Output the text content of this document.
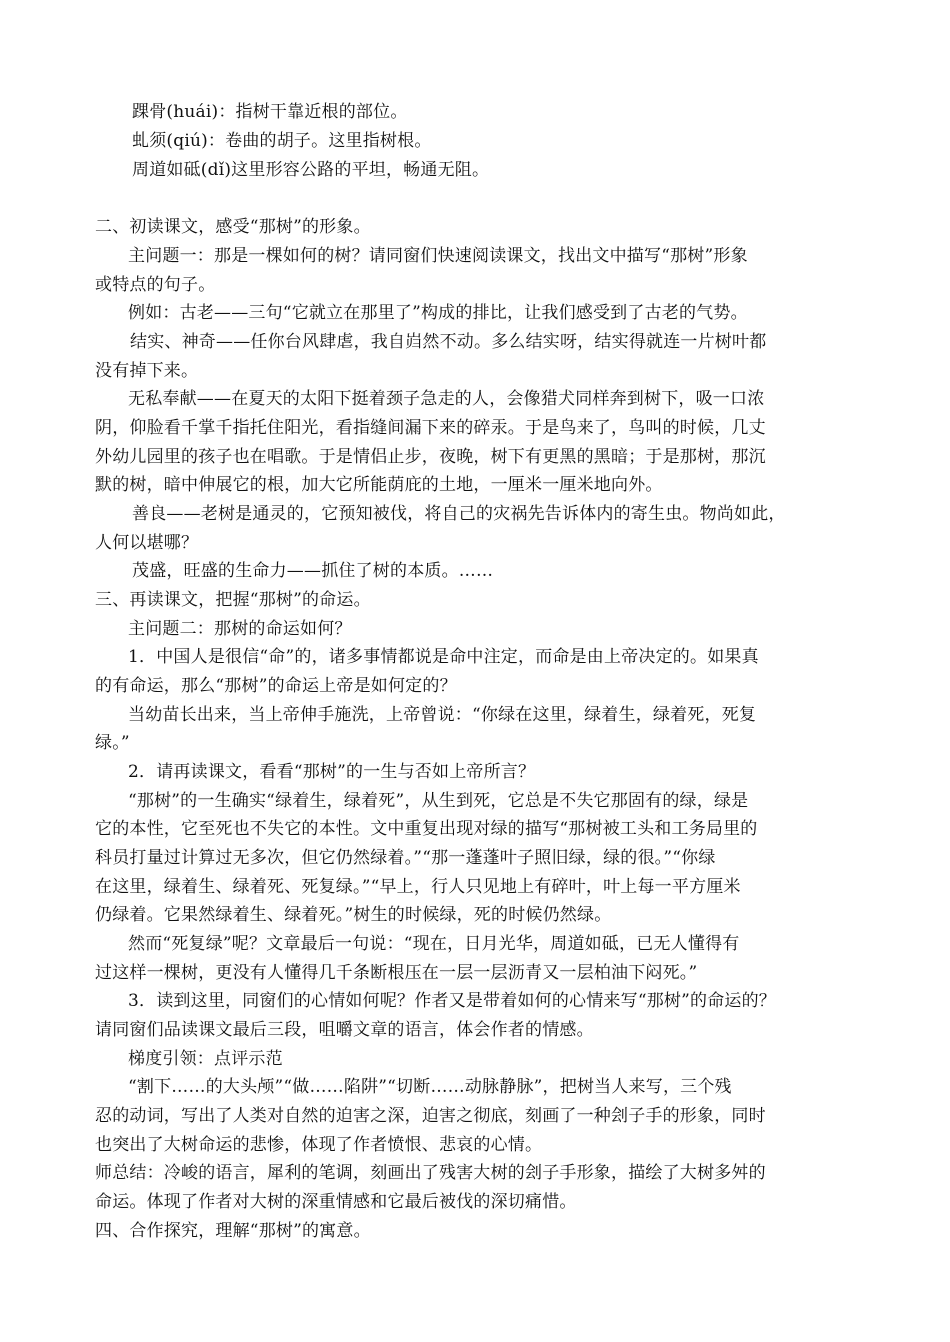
踝骨(huái)：指树干靠近根的部位。
虬须(qiú)：卷曲的胡子。这里指树根。
周道如砥(dǐ)这里形容公路的平坦，畅通无阻。
二、初读课文，感受“那树”的形象。
主问题一：那是一棵如何的树？请同窗们快速阅读课文，找出文中描写“那树”形象
或特点的句子。
例如：古老——三句“它就立在那里了”构成的排比，让我们感受到了古老的气势。
结实、神奇——任你台风肆虐，我自岿然不动。多么结实呀，结实得就连一片树叶都
没有掉下来。
无私奉献——在夏天的太阳下挺着颈子急走的人，会像猎犬同样奔到树下，吸一口浓
阴，仰脸看千掌千指托住阳光，看指缝间漏下来的碎汞。于是鸟来了，鸟叫的时候，几丈
外幼儿园里的孩子也在唱歌。于是情侣止步，夜晚，树下有更黑的黑暗；于是那树，那沉
默的树，暗中伸展它的根，加大它所能荫庇的土地，一厘米一厘米地向外。
善良——老树是通灵的，它预知被伐，将自己的灾祸先告诉体内的寄生虫。物尚如此，
人何以堪哪？
茂盛，旺盛的生命力——抓住了树的本质。……
三、再读课文，把握“那树”的命运。
主问题二：那树的命运如何？
1．中国人是很信“命”的，诸多事情都说是命中注定，而命是由上帝决定的。如果真
的有命运，那么“那树”的命运上帝是如何定的？
当幼苗长出来，当上帝伸手施洗，上帝曾说：“你绿在这里，绿着生，绿着死，死复
绿。”
2．请再读课文，看看“那树”的一生与否如上帝所言？
“那树”的一生确实“绿着生，绿着死”，从生到死，它总是不失它那固有的绿，绿是
它的本性，它至死也不失它的本性。文中重复出现对绿的描写“那树被工头和工务局里的
科员打量过计算过无多次，但它仍然绿着。”“那一蓬蓬叶子照旧绿，绿的很。”“你绿
在这里，绿着生、绿着死、死复绿。”“早上，行人只见地上有碎叶，叶上每一平方厘米
仍绿着。它果然绿着生、绿着死。”树生的时候绿，死的时候仍然绿。
然而“死复绿”呢？文章最后一句说：“现在，日月光华，周道如砥，已无人懂得有
过这样一棵树，更没有人懂得几千条断根压在一层一层沥青又一层柏油下闷死。”
3．读到这里，同窗们的心情如何呢？作者又是带着如何的心情来写“那树”的命运的？
请同窗们品读课文最后三段，咀嚼文章的语言，体会作者的情感。
梯度引领：点评示范
“割下……的大头颅”“做……陷阱”“切断……动脉静脉”，把树当人来写，三个残
忍的动词，写出了人类对自然的迫害之深，迫害之彻底，刻画了一种刽子手的形象，同时
也突出了大树命运的悲惨，体现了作者愤恨、悲哀的心情。
师总结：冷峻的语言，犀利的笔调，刻画出了残害大树的刽子手形象，描绘了大树多舛的
命运。体现了作者对大树的深重情感和它最后被伐的深切痛惜。
四、合作探究，理解“那树”的寓意。
